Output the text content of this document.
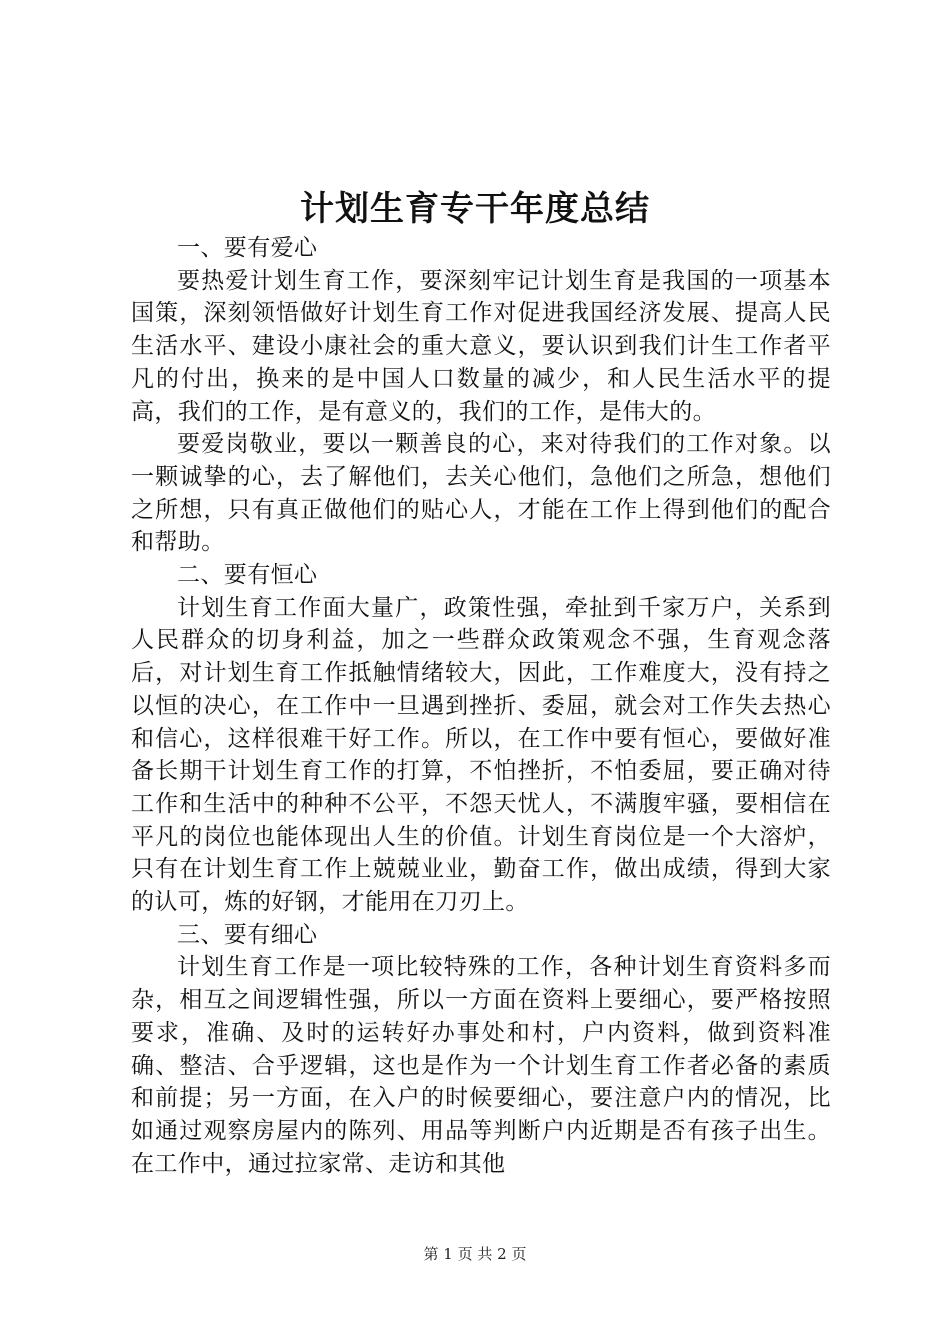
计划生育专干年度总结

一、要有爱心

要热爱计划生育工作，要深刻牢记计划生育是我国的一项基本国策，深刻领悟做好计划生育工作对促进我国经济发展、提高人民生活水平、建设小康社会的重大意义，要认识到我们计生工作者平凡的付出，换来的是中国人口数量的减少，和人民生活水平的提高，我们的工作，是有意义的，我们的工作，是伟大的。

要爱岗敬业，要以一颗善良的心，来对待我们的工作对象。以一颗诚挚的心，去了解他们，去关心他们，急他们之所急，想他们之所想，只有真正做他们的贴心人，才能在工作上得到他们的配合和帮助。

二、要有恒心

计划生育工作面大量广，政策性强，牵扯到千家万户，关系到人民群众的切身利益，加之一些群众政策观念不强，生育观念落后，对计划生育工作抵触情绪较大，因此，工作难度大，没有持之以恒的决心，在工作中一旦遇到挫折、委屈，就会对工作失去热心和信心，这样很难干好工作。所以，在工作中要有恒心，要做好准备长期干计划生育工作的打算，不怕挫折，不怕委屈，要正确对待工作和生活中的种种不公平，不怨天忧人，不满腹牢骚，要相信在平凡的岗位也能体现出人生的价值。计划生育岗位是一个大溶炉，只有在计划生育工作上兢兢业业，勤奋工作，做出成绩，得到大家的认可，炼的好钢，才能用在刀刃上。

三、要有细心

计划生育工作是一项比较特殊的工作，各种计划生育资料多而杂，相互之间逻辑性强，所以一方面在资料上要细心，要严格按照要求，准确、及时的运转好办事处和村，户内资料，做到资料准确、整洁、合乎逻辑，这也是作为一个计划生育工作者必备的素质和前提；另一方面，在入户的时候要细心，要注意户内的情况，比如通过观察房屋内的陈列、用品等判断户内近期是否有孩子出生。在工作中，通过拉家常、走访和其他

第 1 页 共 2 页
